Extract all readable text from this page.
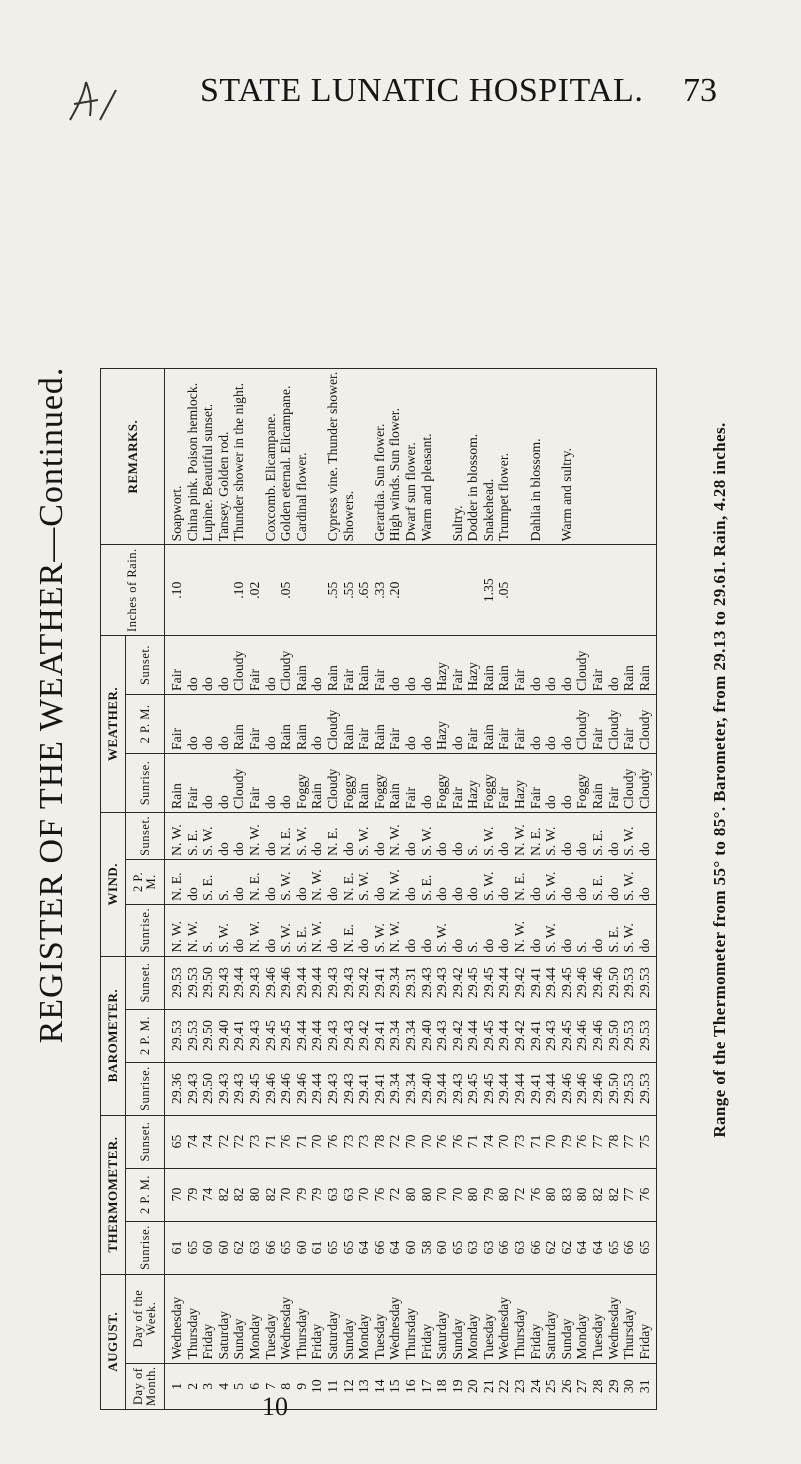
STATE LUNATIC HOSPITAL. 73
REGISTER OF THE WEATHER—Continued.
AUGUST.		THERMOMETER.			BAROMETER.			WIND.			WEATHER.			Inches of Rain.	REMARKS.
Day of Month.	Day of the Week.	Sunrise.	2 P. M.	Sunset.	Sunrise.	2 P. M.	Sunset.	Sunrise.	2 P. M.	Sunset.	Sunrise.	2 P. M.	Sunset.		
1	Wednesday	61	70	65	29.36	29.53	29.53	N. W.	N. E.	N. W.	Rain	Fair	Fair	.10	Soapwort.
2	Thursday	65	79	74	29.43	29.53	29.53	N. W.	do	S. E.	Fair	do	do		China pink. Poison hemlock.
3	Friday	60	74	74	29.50	29.50	29.50	S.	S. E.	S. W.	do	do	do		Lupine. Beautiful sunset.
4	Saturday	60	82	72	29.43	29.40	29.43	S. W.	S.	do	do	do	do		Tansey. Golden rod.
5	Sunday	62	82	72	29.43	29.41	29.44	do	do	do	Cloudy	Rain	Cloudy	.10	Thunder shower in the night.
6	Monday	63	80	73	29.45	29.43	29.43	N. W.	N. E.	N. W.	Fair	Fair	Fair	.02	
7	Tuesday	66	82	71	29.46	29.45	29.46	do	do	do	do	do	do		Coxcomb. Elicampane.
8	Wednesday	65	70	76	29.46	29.45	29.46	S. W.	S. W.	N. E.	do	Rain	Cloudy	.05	Golden eternal. Elicampane.
9	Thursday	60	79	71	29.46	29.44	29.44	S. E.	do	S. W.	Foggy	Rain	Rain		Cardinal flower.
10	Friday	61	79	70	29.44	29.44	29.44	N. W.	N. W.	do	Rain	do	do		
11	Saturday	65	63	76	29.43	29.43	29.43	do	do	N. E.	Cloudy	Cloudy	Rain	.55	Cypress vine. Thunder shower.
12	Sunday	65	63	73	29.43	29.43	29.43	N. E.	N. E.	do	Foggy	Rain	Fair	.55	Showers.
13	Monday	64	70	73	29.41	29.42	29.42	do	S. W.	S. W.	Rain	Fair	Rain	.65	
14	Tuesday	66	76	78	29.41	29.41	29.41	S. W.	do	do	Foggy	Rain	Fair	.33	Gerardia. Sun flower.
15	Wednesday	64	72	72	29.34	29.34	29.34	N. W.	N. W.	N. W.	Rain	Fair	do	.20	High winds. Sun flower.
16	Thursday	60	80	70	29.34	29.34	29.31	do	do	do	Fair	do	do		Dwarf sun flower.
17	Friday	58	80	70	29.40	29.40	29.43	do	S. E.	S. W.	do	do	do		Warm and pleasant.
18	Saturday	60	70	76	29.44	29.43	29.43	S. W.	do	do	Foggy	Hazy	Hazy		
19	Sunday	65	70	76	29.43	29.42	29.42	do	do	do	Fair	do	Fair		Sultry.
20	Monday	63	80	71	29.45	29.44	29.45	S.	do	S.	Hazy	Fair	Hazy		Dodder in blossom.
21	Tuesday	63	79	74	29.45	29.45	29.45	do	S. W.	S. W.	Foggy	Rain	Rain	1.35	Snakehead.
22	Wednesday	66	80	70	29.44	29.44	29.44	do	do	do	Fair	Fair	Rain	.05	Trumpet flower.
23	Thursday	63	72	73	29.44	29.42	29.42	N. W.	N. E.	N. W.	Hazy	Fair	Fair		
24	Friday	66	76	71	29.41	29.41	29.41	do	do	N. E.	Fair	do	do		Dahlia in blossom.
25	Saturday	62	80	70	29.44	29.43	29.44	S. W.	S. W.	S. W.	do	do	do		
26	Sunday	62	83	79	29.46	29.45	29.45	do	do	do	do	do	do		Warm and sultry.
27	Monday	64	80	76	29.46	29.46	29.46	S.	do	do	Foggy	Cloudy	Cloudy		
28	Tuesday	64	82	77	29.46	29.46	29.46	do	S. E.	S. E.	Rain	Fair	Fair		
29	Wednesday	65	82	78	29.50	29.50	29.50	S. E.	do	do	Fair	Cloudy	do		
30	Thursday	66	77	77	29.53	29.53	29.53	S. W.	S. W.	S. W.	Cloudy	Fair	Rain		
31	Friday	65	76	75	29.53	29.53	29.53	do	do	do	Cloudy	Cloudy	Rain			Range of the Thermometer from 55° to 85°. Barometer, from 29.13 to 29.61. Rain, 4.28 inches.
10
